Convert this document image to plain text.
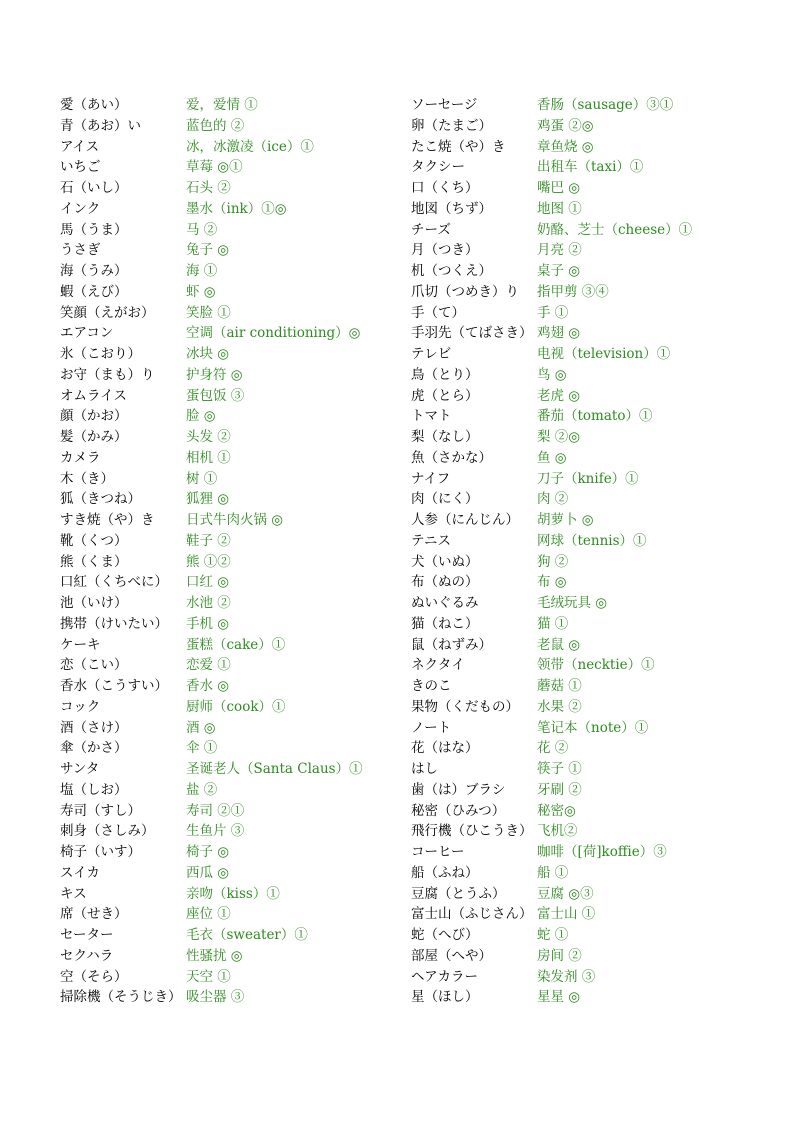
愛（あい）	爱，爱情 ①
青（あお）い	蓝色的 ②
アイス	冰，冰激凌（ice）①
いちご	草莓 ◎①
石（いし）	石头 ②
インク	墨水（ink）①◎
馬（うま）	马 ②
うさぎ	兔子 ◎
海（うみ）	海 ①
蝦（えび）	虾 ◎
笑顔（えがお） 笑脸 ①
エアコン	空调（air conditioning）◎
氷（こおり）	冰块 ◎
お守（まも）り 护身符 ◎
オムライス	蛋包饭 ③
顔（かお）	脸 ◎
髪（かみ）	头发 ②
カメラ	相机 ①
木（き）	树 ①
狐（きつね）	狐狸 ◎
すき焼（や）き 日式牛肉火锅 ◎
靴（くつ）	鞋子 ②
熊（くま）	熊 ①②
口紅（くちべに） 口红 ◎
池（いけ）	水池 ②
携帯（けいたい） 手机 ◎
ケーキ	蛋糕（cake）①
恋（こい）	恋爱 ①
香水（こうすい） 香水 ◎
コック	厨师（cook）①
酒（さけ）	酒 ◎
傘（かさ）	伞 ①
サンタ	圣诞老人（Santa Claus）①
塩（しお）	盐 ②
寿司（すし）	寿司 ②①
刺身（さしみ） 生鱼片 ③
椅子（いす）	椅子 ◎
スイカ	西瓜 ◎
キス	亲吻（kiss）①
席（せき）	座位 ①
セーター	毛衣（sweater）①
セクハラ	性骚扰 ◎
空（そら）	天空 ①
掃除機（そうじき） 吸尘器 ③
ソーセージ	香肠（sausage）③①
卵（たまご）	鸡蛋 ②◎
たこ焼（や）き 章鱼烧 ◎
タクシー	出租车（taxi）①
口（くち）	嘴巴 ◎
地図（ちず）	地图 ①
チーズ	奶酪、芝士（cheese）①
月（つき）	月亮 ②
机（つくえ）	桌子 ◎
爪切（つめき）り 指甲剪 ③④
手（て）	手 ①
手羽先（てばさき） 鸡翅 ◎
テレビ	电视（television）①
鳥（とり）	鸟 ◎
虎（とら）	老虎 ◎
トマト	番茄（tomato）①
梨（なし）	梨 ②◎
魚（さかな）	鱼 ◎
ナイフ	刀子（knife）①
肉（にく）	肉 ②
人参（にんじん） 胡萝卜 ◎
テニス	网球（tennis）①
犬（いぬ）	狗 ②
布（ぬの）	布 ◎
ぬいぐるみ	毛绒玩具 ◎
猫（ねこ）	猫 ①
鼠（ねずみ）	老鼠 ◎
ネクタイ	领带（necktie）①
きのこ	蘑菇 ①
果物（くだもの） 水果 ②
ノート	笔记本（note）①
花（はな）	花 ②
はし	筷子 ①
歯（は）ブラシ 牙刷 ②
秘密（ひみつ） 秘密◎
飛行機（ひこうき） 飞机②
コーヒー	咖啡（[荷]koffie）③
船（ふね）	船 ①
豆腐（とうふ） 豆腐 ◎③
富士山（ふじさん） 富士山 ①
蛇（へび）	蛇 ①
部屋（へや）	房间 ②
ヘアカラー	染发剂 ③
星（ほし）	星星 ◎
